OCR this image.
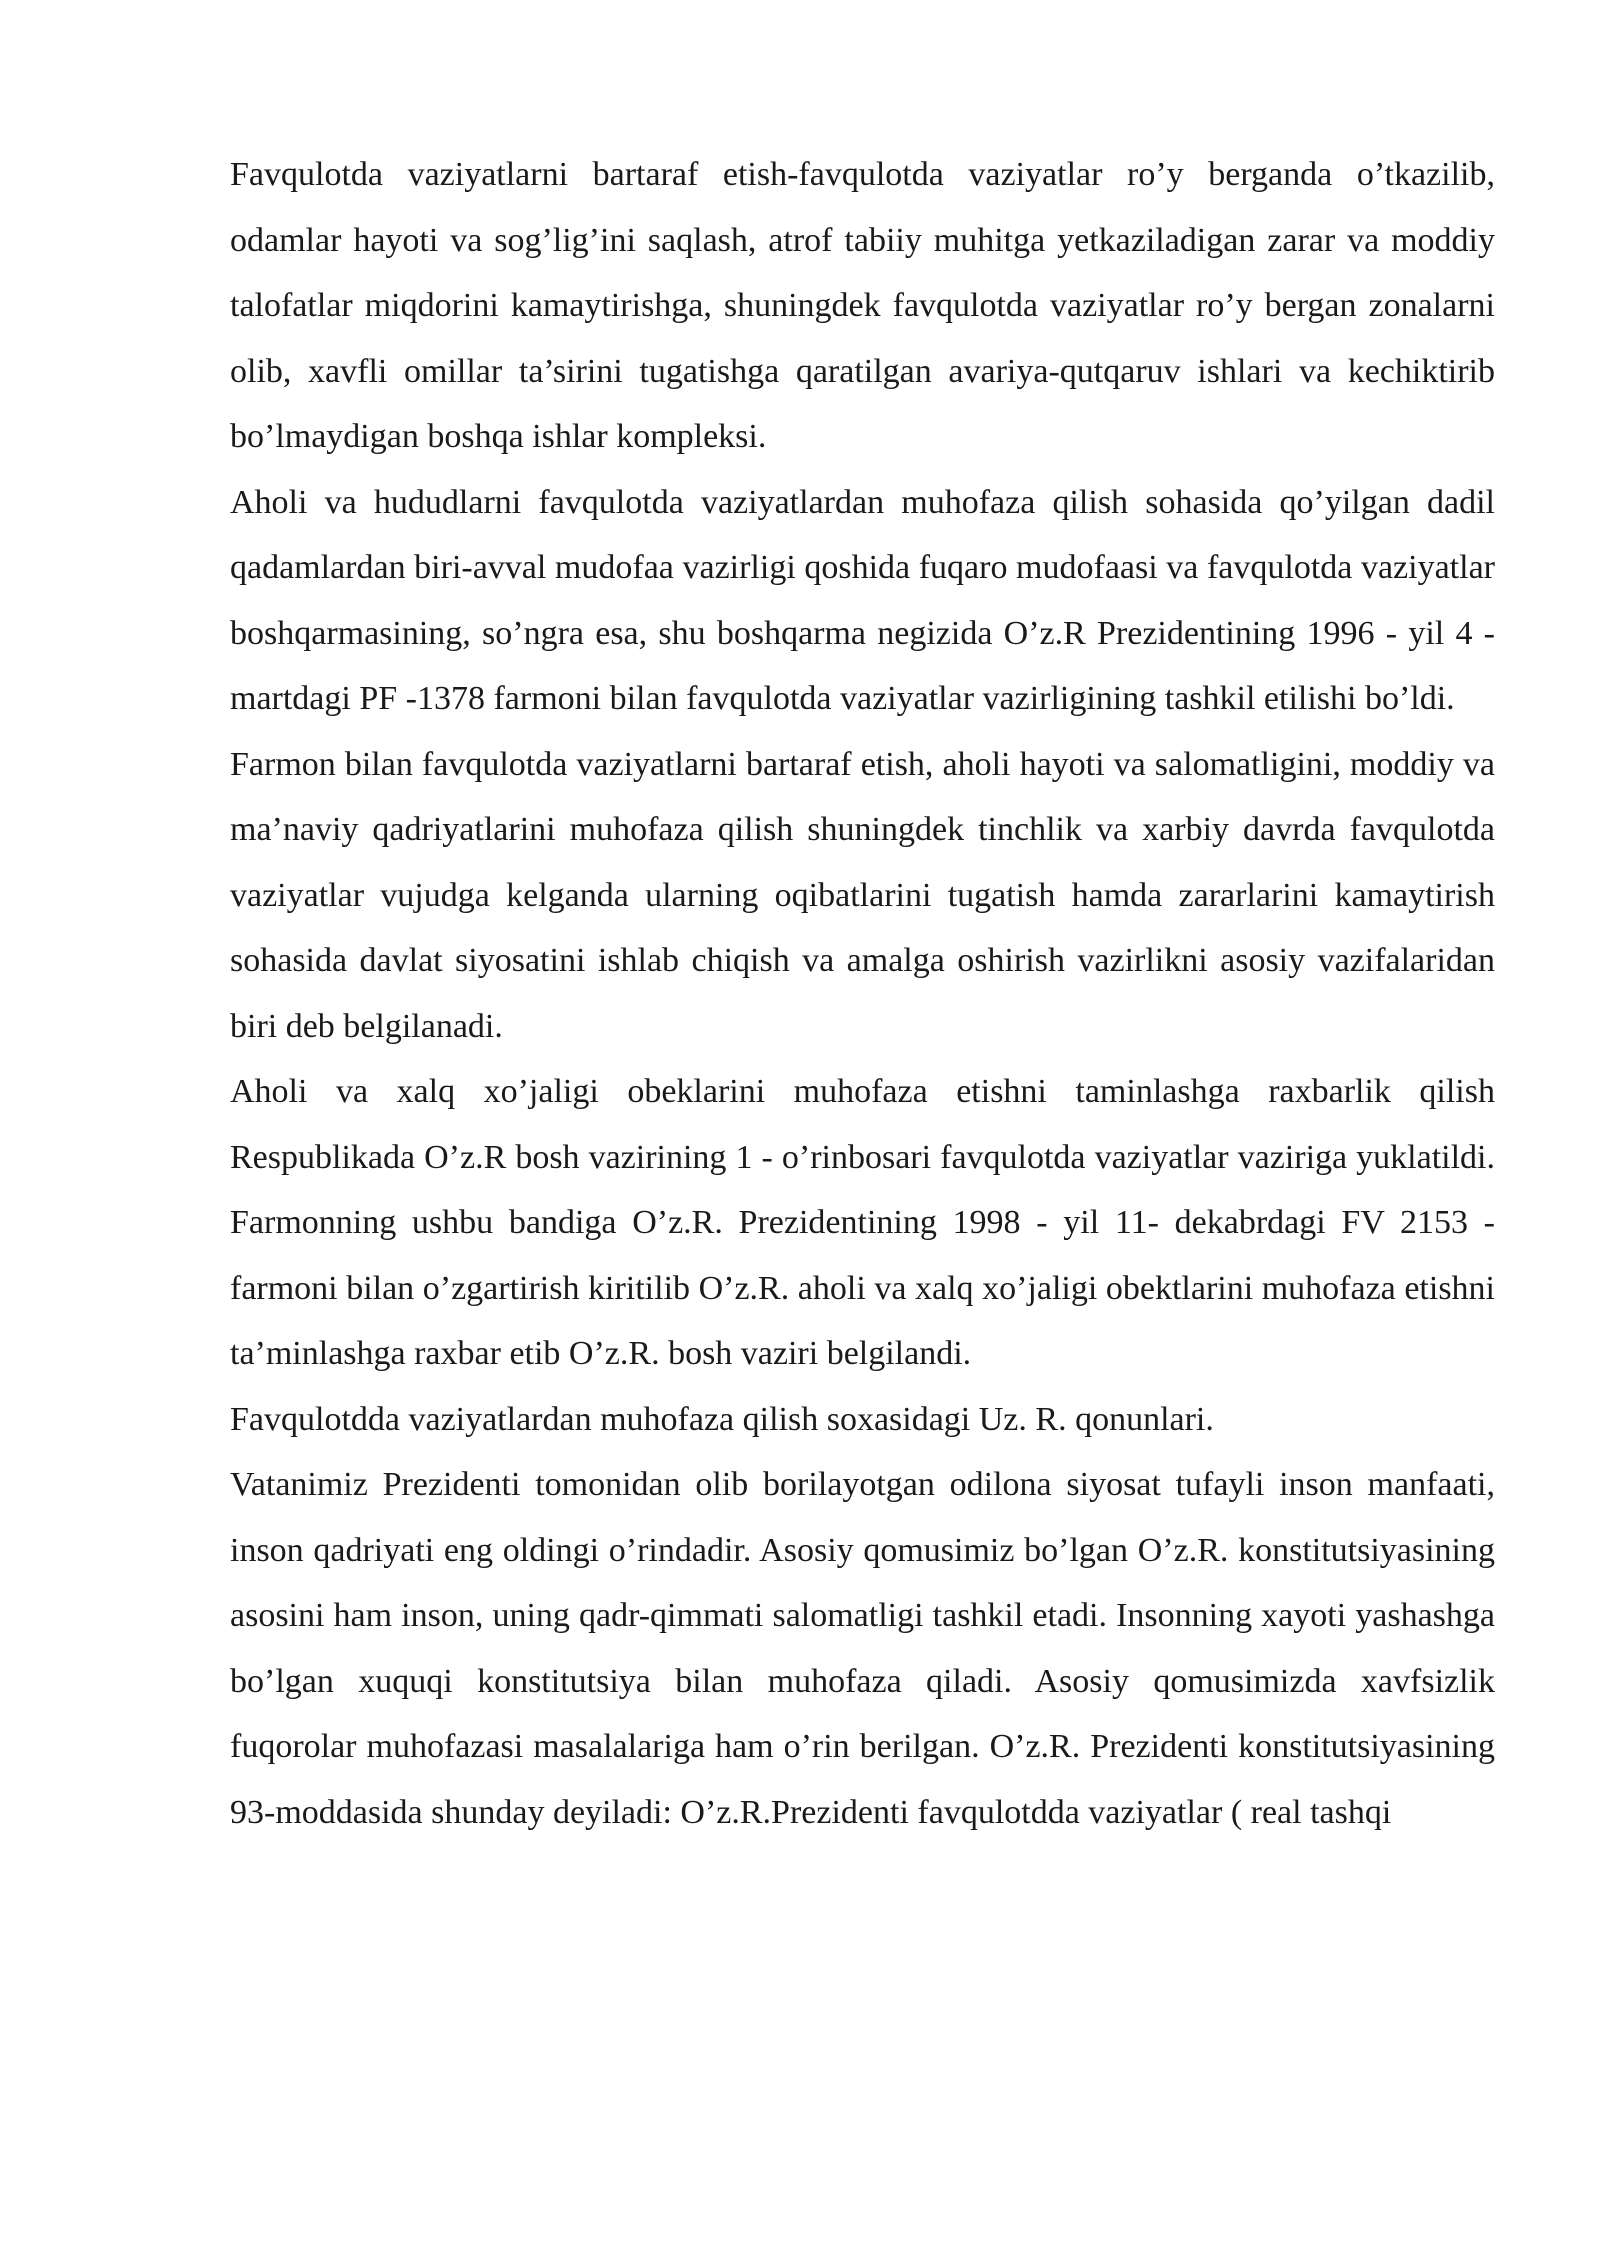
Favqulotda vaziyatlarni bartaraf etish-favqulotda vaziyatlar ro’y berganda o’tkazilib, odamlar hayoti va sog’lig’ini saqlash, atrof tabiiy muhitga yetkaziladigan zarar va moddiy talofatlar miqdorini kamaytirishga, shuningdek favqulotda vaziyatlar ro’y bergan zonalarni olib, xavfli omillar ta’sirini tugatishga qaratilgan avariya-qutqaruv ishlari va kechiktirib bo’lmaydigan boshqa ishlar kompleksi.

Aholi va hududlarni favqulotda vaziyatlardan muhofaza qilish sohasida qo’yilgan dadil qadamlardan biri-avval mudofaa vazirligi qoshida fuqaro mudofaasi va favqulotda vaziyatlar boshqarmasining, so’ngra esa, shu boshqarma negizida O’z.R Prezidentining 1996 - yil 4 - martdagi PF -1378 farmoni bilan favqulotda vaziyatlar vazirligining tashkil etilishi bo’ldi.

Farmon bilan favqulotda vaziyatlarni bartaraf etish, aholi hayoti va salomatligini, moddiy va ma’naviy qadriyatlarini muhofaza qilish shuningdek tinchlik va xarbiy davrda favqulotda vaziyatlar vujudga kelganda ularning oqibatlarini tugatish hamda zararlarini kamaytirish sohasida davlat siyosatini ishlab chiqish va amalga oshirish vazirlikni asosiy vazifalaridan biri deb belgilanadi.

Aholi va xalq xo’jaligi obeklarini muhofaza etishni taminlashga raxbarlik qilish Respublikada O’z.R bosh vazirining 1 - o’rinbosari favqulotda vaziyatlar vaziriga yuklatildi. Farmonning ushbu bandiga O’z.R. Prezidentining 1998 - yil 11- dekabrdagi FV 2153 - farmoni bilan o’zgartirish kiritilib O’z.R. aholi va xalq xo’jaligi obektlarini muhofaza etishni ta’minlashga raxbar etib O’z.R. bosh vaziri belgilandi.

Favqulotdda vaziyatlardan muhofaza qilish soxasidagi Uz. R. qonunlari.

Vatanimiz Prezidenti tomonidan olib borilayotgan odilona siyosat tufayli inson manfaati, inson qadriyati eng oldingi o’rindadir. Asosiy qomusimiz bo’lgan O’z.R. konstitutsiyasining asosini ham inson, uning qadr-qimmati salomatligi tashkil etadi. Insonning xayoti yashashga bo’lgan xuquqi konstitutsiya bilan muhofaza qiladi. Asosiy qomusimizda xavfsizlik fuqorolar muhofazasi masalalariga ham o’rin berilgan. O’z.R. Prezidenti konstitutsiyasining 93-moddasida shunday deyiladi: O’z.R.Prezidenti favqulotdda vaziyatlar ( real tashqi
